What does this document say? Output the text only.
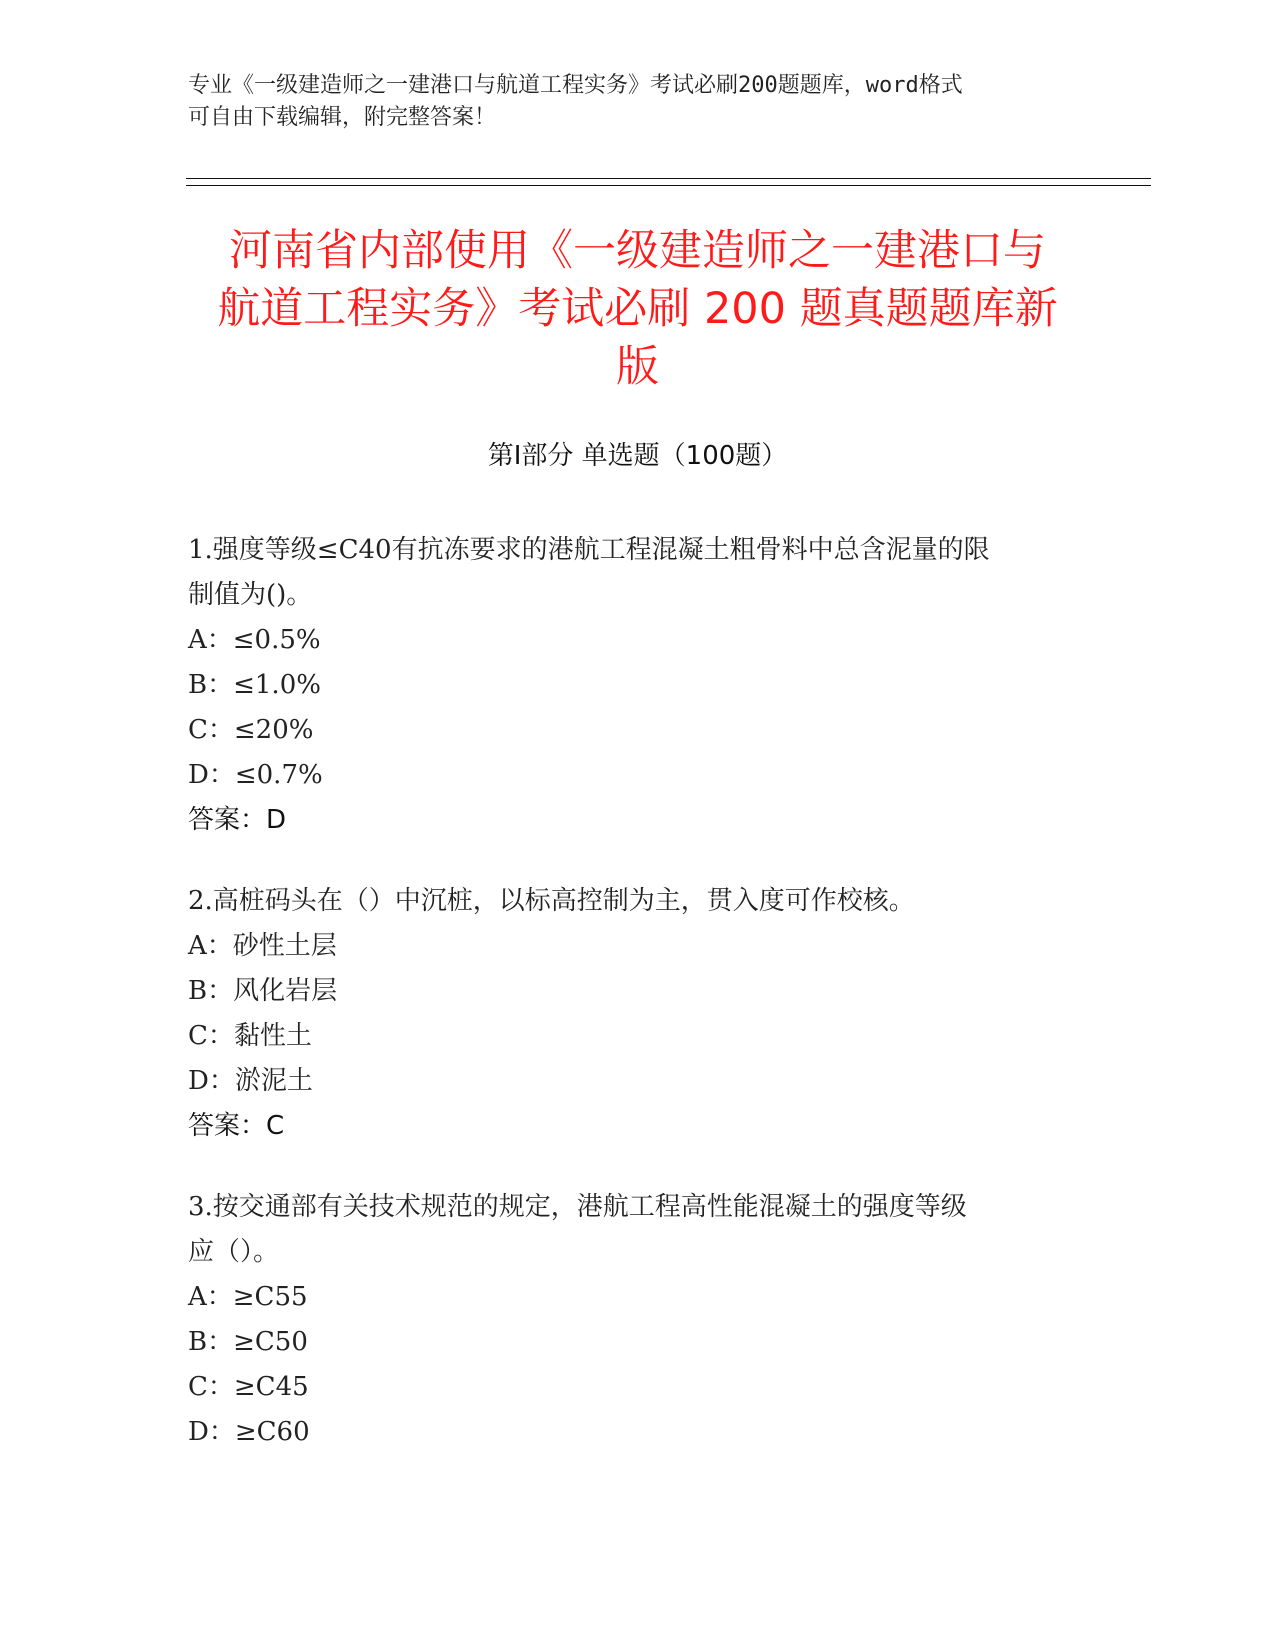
专业《一级建造师之一建港口与航道工程实务》考试必刷200题题库，word格式
可自由下载编辑，附完整答案！
河南省内部使用《一级建造师之一建港口与
航道工程实务》考试必刷 200 题真题题库新
版
第Ⅰ部分 单选题（100题）
1.强度等级≤C40有抗冻要求的港航工程混凝土粗骨料中总含泥量的限
制值为()。
A：≤0.5%
B：≤1.0%
C：≤20%
D：≤0.7%
答案：D
2.高桩码头在（）中沉桩，以标高控制为主，贯入度可作校核。
A：砂性土层
B：风化岩层
C：黏性土
D：淤泥土
答案：C
3.按交通部有关技术规范的规定，港航工程高性能混凝土的强度等级
应（）。
A：≥C55
B：≥C50
C：≥C45
D：≥C60
